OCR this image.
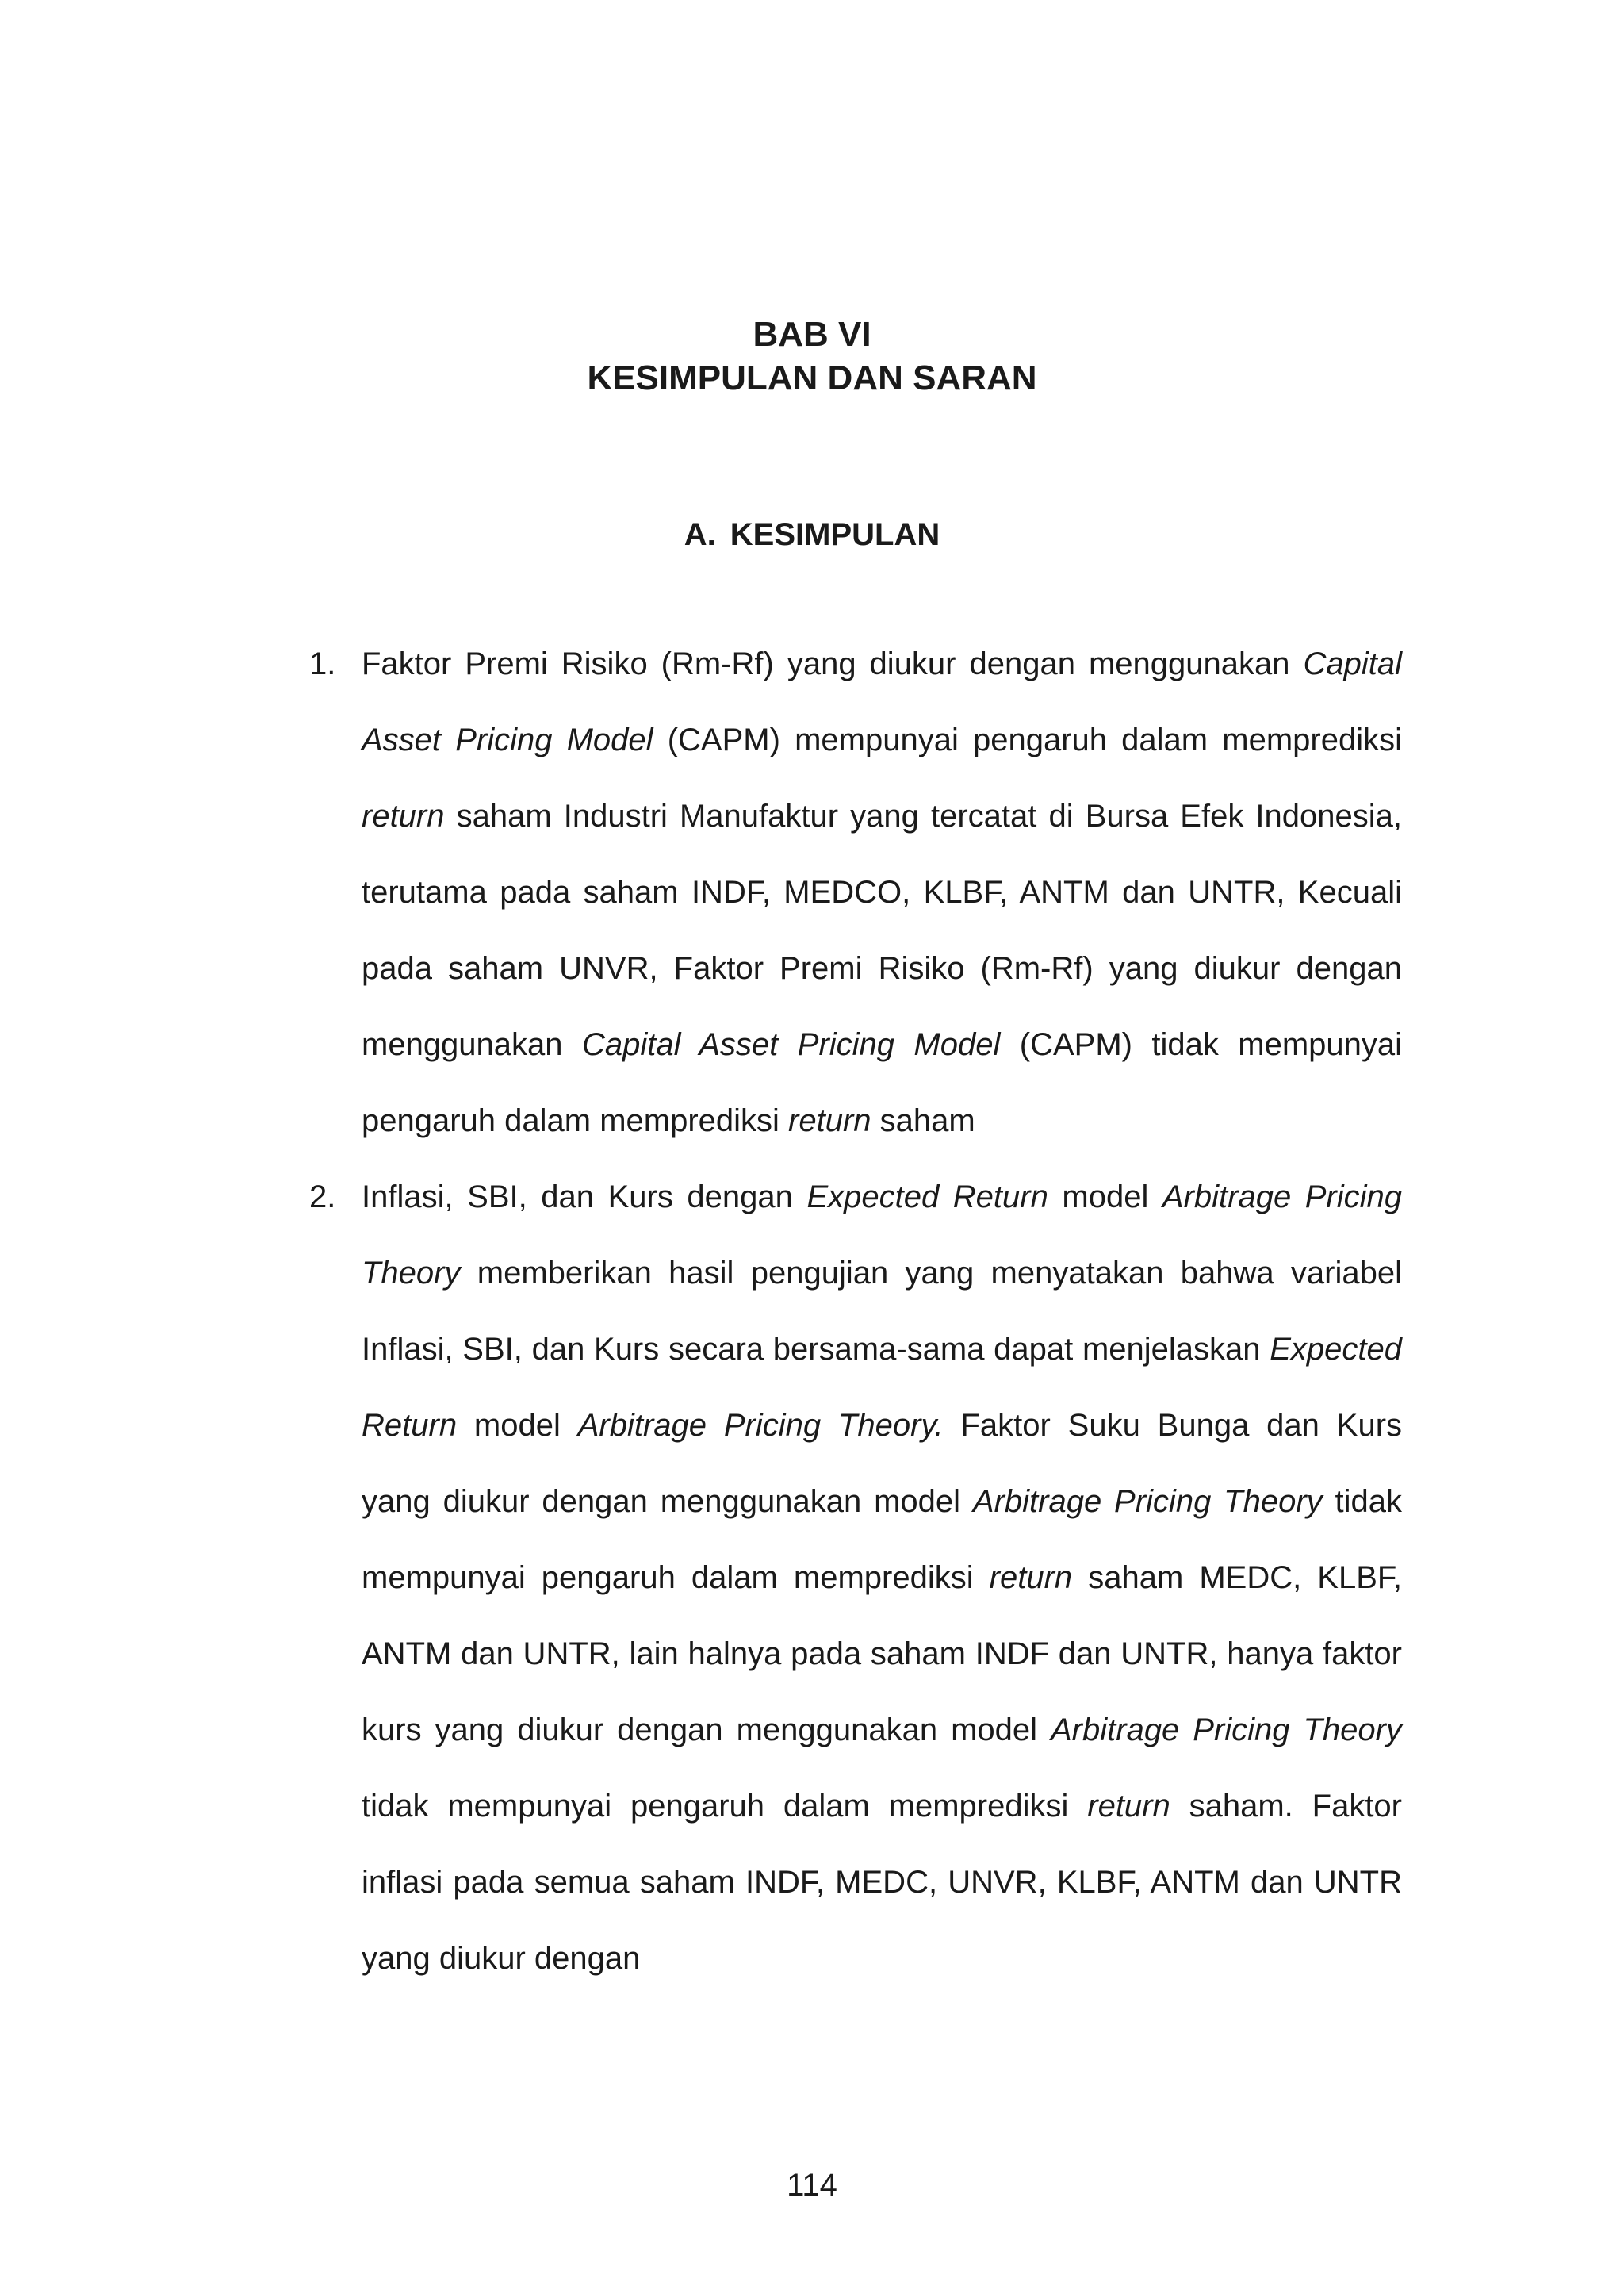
BAB VI
KESIMPULAN DAN SARAN
A. KESIMPULAN
1. Faktor Premi Risiko (Rm-Rf) yang diukur dengan menggunakan Capital Asset Pricing Model (CAPM) mempunyai pengaruh dalam memprediksi return saham Industri Manufaktur yang tercatat di Bursa Efek Indonesia, terutama pada saham INDF, MEDCO, KLBF, ANTM dan UNTR, Kecuali pada saham UNVR, Faktor Premi Risiko (Rm-Rf) yang diukur dengan menggunakan Capital Asset Pricing Model (CAPM) tidak mempunyai pengaruh dalam memprediksi return saham
2. Inflasi, SBI, dan Kurs dengan Expected Return model Arbitrage Pricing Theory memberikan hasil pengujian yang menyatakan bahwa variabel Inflasi, SBI, dan Kurs secara bersama-sama dapat menjelaskan Expected Return model Arbitrage Pricing Theory. Faktor Suku Bunga dan Kurs yang diukur dengan menggunakan model Arbitrage Pricing Theory tidak mempunyai pengaruh dalam memprediksi return saham MEDC, KLBF, ANTM dan UNTR, lain halnya pada saham INDF dan UNTR, hanya faktor kurs yang diukur dengan menggunakan model Arbitrage Pricing Theory tidak mempunyai pengaruh dalam memprediksi return saham. Faktor inflasi pada semua saham INDF, MEDC, UNVR, KLBF, ANTM dan UNTR yang diukur dengan
114
